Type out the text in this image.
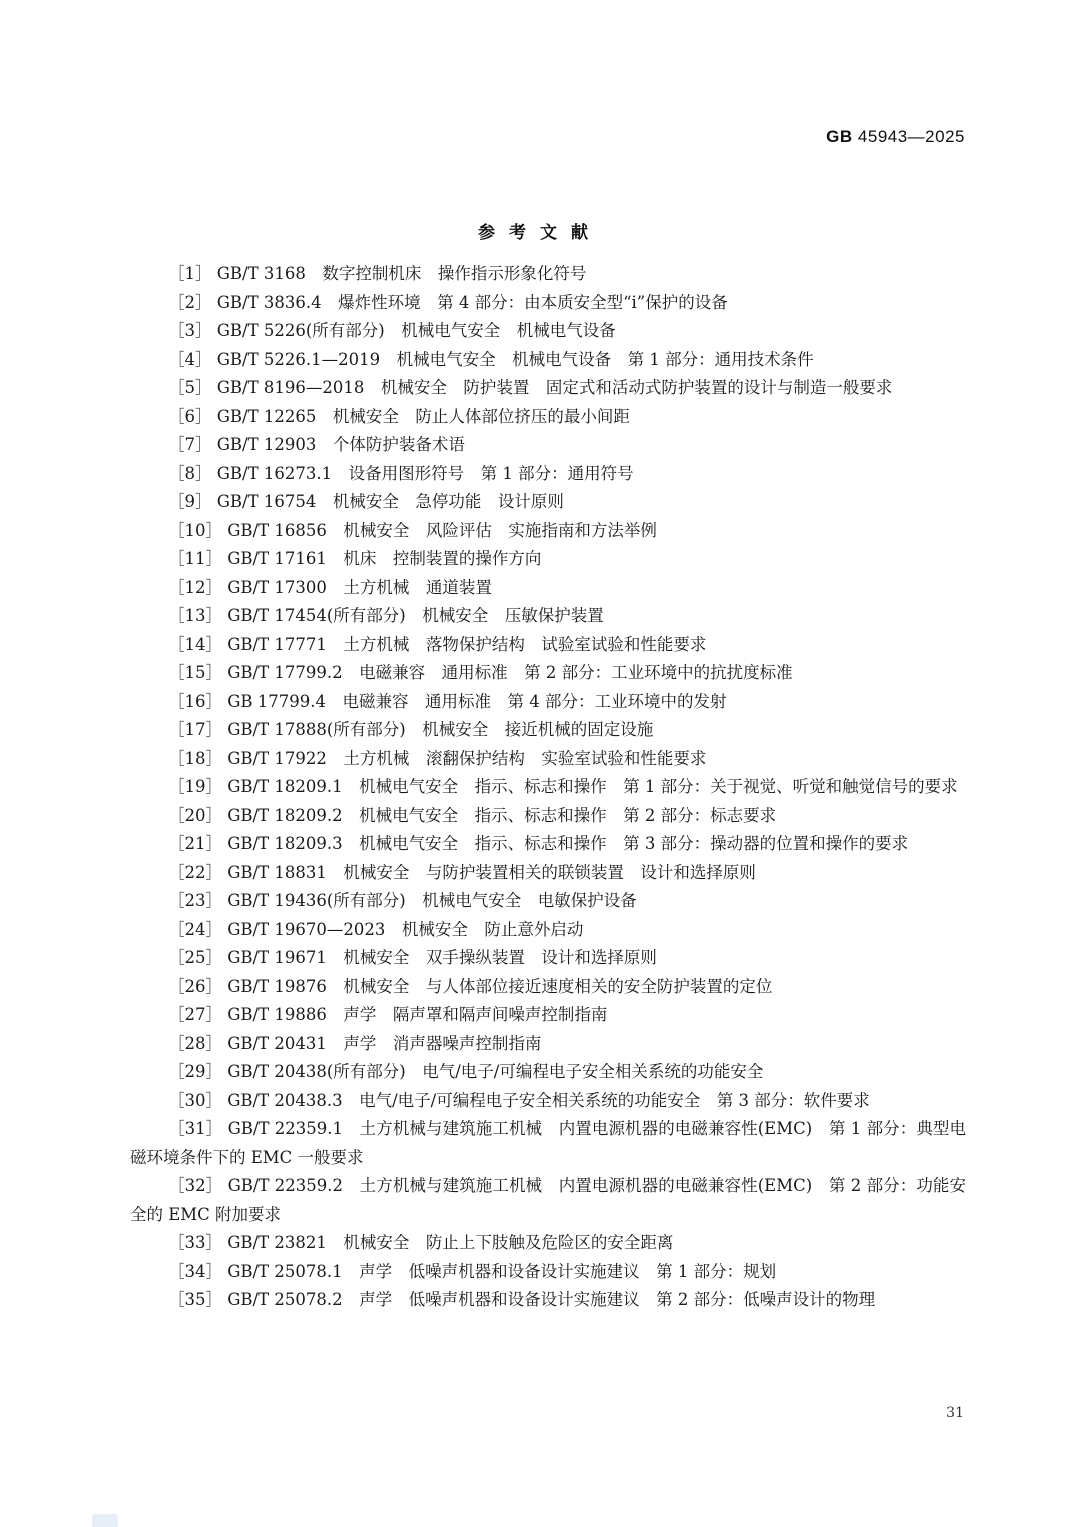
GB 45943—2025
参考文献
［1］ GB/T 3168　数字控制机床　操作指示形象化符号
［2］ GB/T 3836.4　爆炸性环境　第 4 部分：由本质安全型“i”保护的设备
［3］ GB/T 5226(所有部分)　机械电气安全　机械电气设备
［4］ GB/T 5226.1—2019　机械电气安全　机械电气设备　第 1 部分：通用技术条件
［5］ GB/T 8196—2018　机械安全　防护装置　固定式和活动式防护装置的设计与制造一般要求
［6］ GB/T 12265　机械安全　防止人体部位挤压的最小间距
［7］ GB/T 12903　个体防护装备术语
［8］ GB/T 16273.1　设备用图形符号　第 1 部分：通用符号
［9］ GB/T 16754　机械安全　急停功能　设计原则
［10］ GB/T 16856　机械安全　风险评估　实施指南和方法举例
［11］ GB/T 17161　机床　控制装置的操作方向
［12］ GB/T 17300　土方机械　通道装置
［13］ GB/T 17454(所有部分)　机械安全　压敏保护装置
［14］ GB/T 17771　土方机械　落物保护结构　试验室试验和性能要求
［15］ GB/T 17799.2　电磁兼容　通用标准　第 2 部分：工业环境中的抗扰度标准
［16］ GB 17799.4　电磁兼容　通用标准　第 4 部分：工业环境中的发射
［17］ GB/T 17888(所有部分)　机械安全　接近机械的固定设施
［18］ GB/T 17922　土方机械　滚翻保护结构　实验室试验和性能要求
［19］ GB/T 18209.1　机械电气安全　指示、标志和操作　第 1 部分：关于视觉、听觉和触觉信号的要求
［20］ GB/T 18209.2　机械电气安全　指示、标志和操作　第 2 部分：标志要求
［21］ GB/T 18209.3　机械电气安全　指示、标志和操作　第 3 部分：操动器的位置和操作的要求
［22］ GB/T 18831　机械安全　与防护装置相关的联锁装置　设计和选择原则
［23］ GB/T 19436(所有部分)　机械电气安全　电敏保护设备
［24］ GB/T 19670—2023　机械安全　防止意外启动
［25］ GB/T 19671　机械安全　双手操纵装置　设计和选择原则
［26］ GB/T 19876　机械安全　与人体部位接近速度相关的安全防护装置的定位
［27］ GB/T 19886　声学　隔声罩和隔声间噪声控制指南
［28］ GB/T 20431　声学　消声器噪声控制指南
［29］ GB/T 20438(所有部分)　电气/电子/可编程电子安全相关系统的功能安全
［30］ GB/T 20438.3　电气/电子/可编程电子安全相关系统的功能安全　第 3 部分：软件要求
［31］ GB/T 22359.1　土方机械与建筑施工机械　内置电源机器的电磁兼容性(EMC)　第 1 部分：典型电磁环境条件下的 EMC 一般要求
［32］ GB/T 22359.2　土方机械与建筑施工机械　内置电源机器的电磁兼容性(EMC)　第 2 部分：功能安全的 EMC 附加要求
［33］ GB/T 23821　机械安全　防止上下肢触及危险区的安全距离
［34］ GB/T 25078.1　声学　低噪声机器和设备设计实施建议　第 1 部分：规划
［35］ GB/T 25078.2　声学　低噪声机器和设备设计实施建议　第 2 部分：低噪声设计的物理
31
